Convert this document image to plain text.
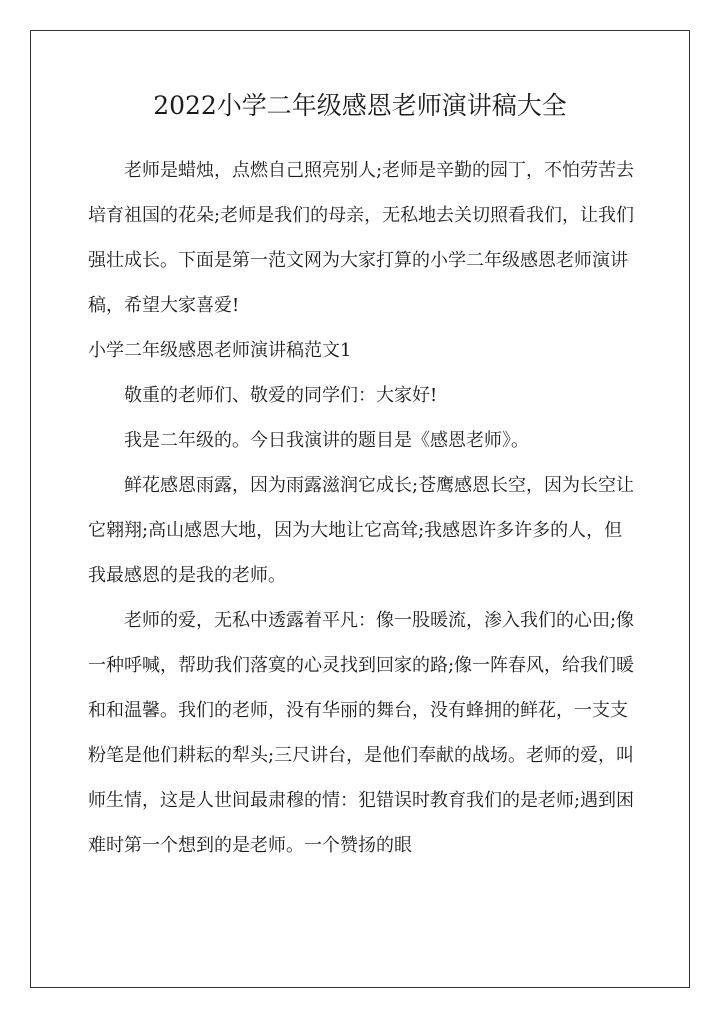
2022小学二年级感恩老师演讲稿大全

老师是蜡烛，点燃自己照亮别人;老师是辛勤的园丁，不怕劳苦去培育祖国的花朵;老师是我们的母亲，无私地去关切照看我们，让我们强壮成长。下面是第一范文网为大家打算的小学二年级感恩老师演讲稿，希望大家喜爱!

小学二年级感恩老师演讲稿范文1

敬重的老师们、敬爱的同学们：大家好!

我是二年级的。今日我演讲的题目是《感恩老师》。

鲜花感恩雨露，因为雨露滋润它成长;苍鹰感恩长空，因为长空让它翱翔;高山感恩大地，因为大地让它高耸;我感恩许多许多的人，但我最感恩的是我的老师。

老师的爱，无私中透露着平凡：像一股暖流，渗入我们的心田;像一种呼喊，帮助我们落寞的心灵找到回家的路;像一阵春风，给我们暖和和温馨。我们的老师，没有华丽的舞台，没有蜂拥的鲜花，一支支粉笔是他们耕耘的犁头;三尺讲台，是他们奉献的战场。老师的爱，叫师生情，这是人世间最肃穆的情：犯错误时教育我们的是老师;遇到困难时第一个想到的是老师。一个赞扬的眼
